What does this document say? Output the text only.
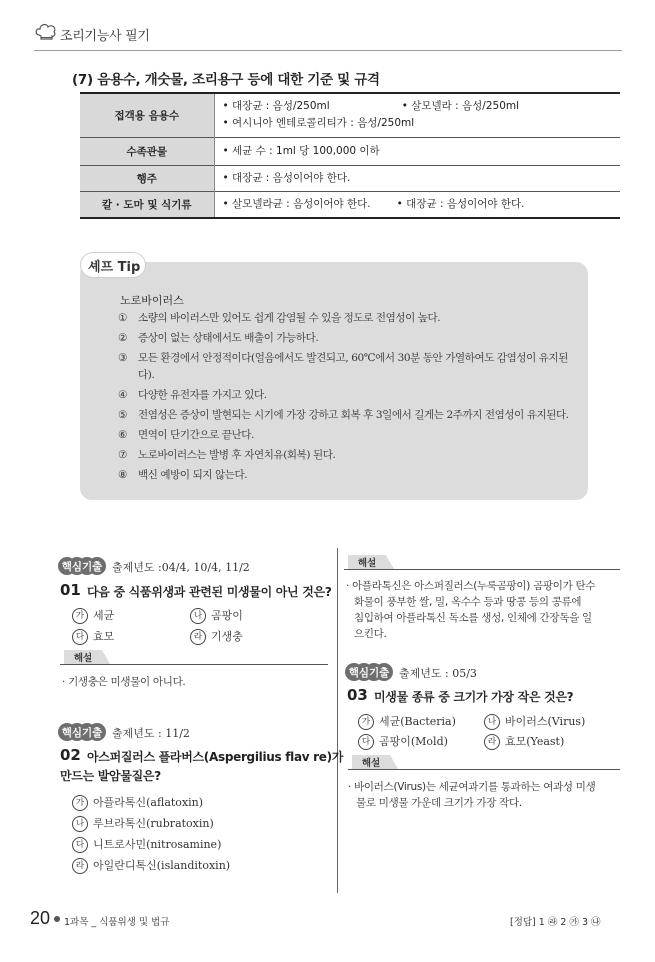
조리기능사 필기
(7) 음용수, 개숫물, 조리용구 등에 대한 기준 및 규격
접객용 음용수	• 대장균 : 음성/250ml • 살모넬라 : 음성/250ml
• 여시니아 엔테로콜리티가 : 음성/250ml
수족관물	• 세균 수 : 1ml 당 100,000 이하
행주	• 대장균 : 음성이어야 한다.
칼 · 도마 및 식기류	• 살모넬라균 : 음성이어야 한다. • 대장균 : 음성이어야 한다.
셰프 Tip
노로바이러스
① 소량의 바이러스만 있어도 쉽게 감염될 수 있을 정도로 전염성이 높다.
② 증상이 없는 상태에서도 배출이 가능하다.
③ 모든 환경에서 안정적이다(얼음에서도 발견되고, 60℃에서 30분 동안 가열하여도 감염성이 유지된다).
④ 다양한 유전자를 가지고 있다.
⑤ 전염성은 증상이 발현되는 시기에 가장 강하고 회복 후 3일에서 길게는 2주까지 전염성이 유지된다.
⑥ 면역이 단기간으로 끝난다.
⑦ 노로바이러스는 발병 후 자연치유(회복) 된다.
⑧ 백신 예방이 되지 않는다.
핵심기출 출제년도 :04/4, 10/4, 11/2
01 다음 중 식품위생과 관련된 미생물이 아닌 것은?
가 세균	나 곰팡이
다 효모	라 기생충
해설
· 기생충은 미생물이 아니다.
핵심기출 출제년도 : 11/2
02 아스퍼질러스 플라버스(Aspergilius flav re)가
만드는 발암물질은?
가 아플라톡신(aflatoxin)
나 루브라톡신(rubratoxin)
다 니트로사민(nitrosamine)
라 아일란디톡신(islanditoxin)
해설
· 아플라톡신은 아스퍼질러스(누룩곰팡이) 곰팡이가 탄수
화물이 풍부한 쌀, 밀, 옥수수 등과 땅콩 등의 콩류에
침입하여 아플라톡신 독소를 생성, 인체에 간장독을 일
으킨다.
핵심기출 출제년도 : 05/3
03 미생물 종류 중 크기가 가장 작은 것은?
가 세균(Bacteria)	나 바이러스(Virus)
다 곰팡이(Mold)	라 효모(Yeast)
해설
· 바이러스(Virus)는 세균여과기를 통과하는 여과성 미생
물로 미생물 가운데 크기가 가장 작다.
20 1과목 _ 식품위생 및 법규	[정답] 1 ㉱ 2 ㉮ 3 ㉯
